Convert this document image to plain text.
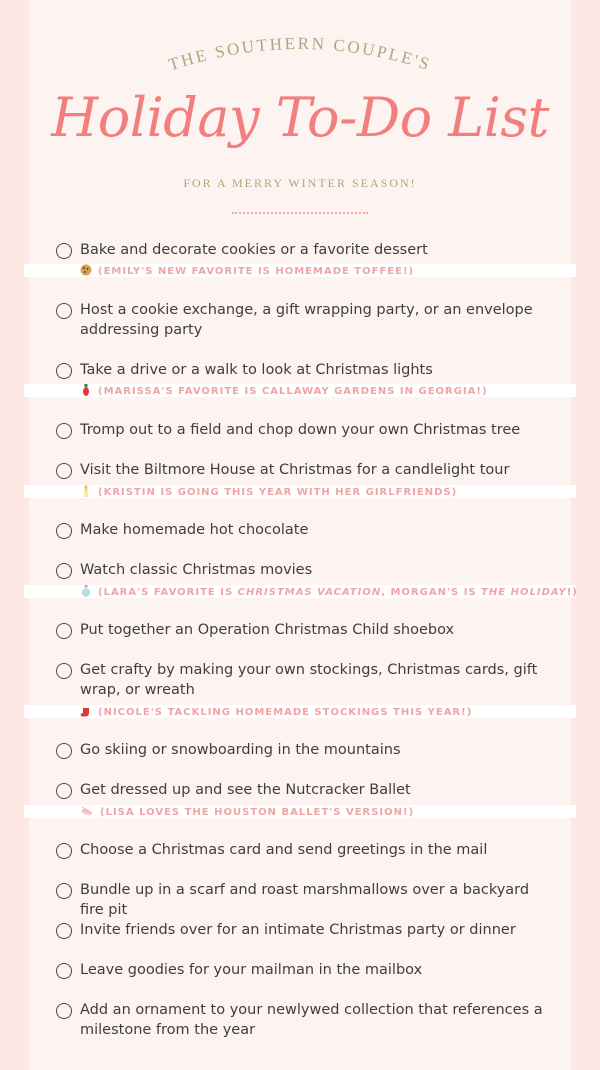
THE SOUTHERN COUPLE'S
Holiday To-Do List
FOR A MERRY WINTER SEASON!
Bake and decorate cookies or a favorite dessert
(EMILY'S NEW FAVORITE IS HOMEMADE TOFFEE!)
Host a cookie exchange, a gift wrapping party, or an envelope addressing party
Take a drive or a walk to look at Christmas lights
(MARISSA'S FAVORITE IS CALLAWAY GARDENS IN GEORGIA!)
Tromp out to a field and chop down your own Christmas tree
Visit the Biltmore House at Christmas for a candlelight tour
(KRISTIN IS GOING THIS YEAR WITH HER GIRLFRIENDS)
Make homemade hot chocolate
Watch classic Christmas movies
(LARA'S FAVORITE IS CHRISTMAS VACATION, MORGAN'S IS THE HOLIDAY!)
Put together an Operation Christmas Child shoebox
Get crafty by making your own stockings, Christmas cards, gift wrap, or wreath
(NICOLE'S TACKLING HOMEMADE STOCKINGS THIS YEAR!)
Go skiing or snowboarding in the mountains
Get dressed up and see the Nutcracker Ballet
(LISA LOVES THE HOUSTON BALLET'S VERSION!)
Choose a Christmas card and send greetings in the mail
Bundle up in a scarf and roast marshmallows over a backyard fire pit
Invite friends over for an intimate Christmas party or dinner
Leave goodies for your mailman in the mailbox
Add an ornament to your newlywed collection that references a milestone from the year
